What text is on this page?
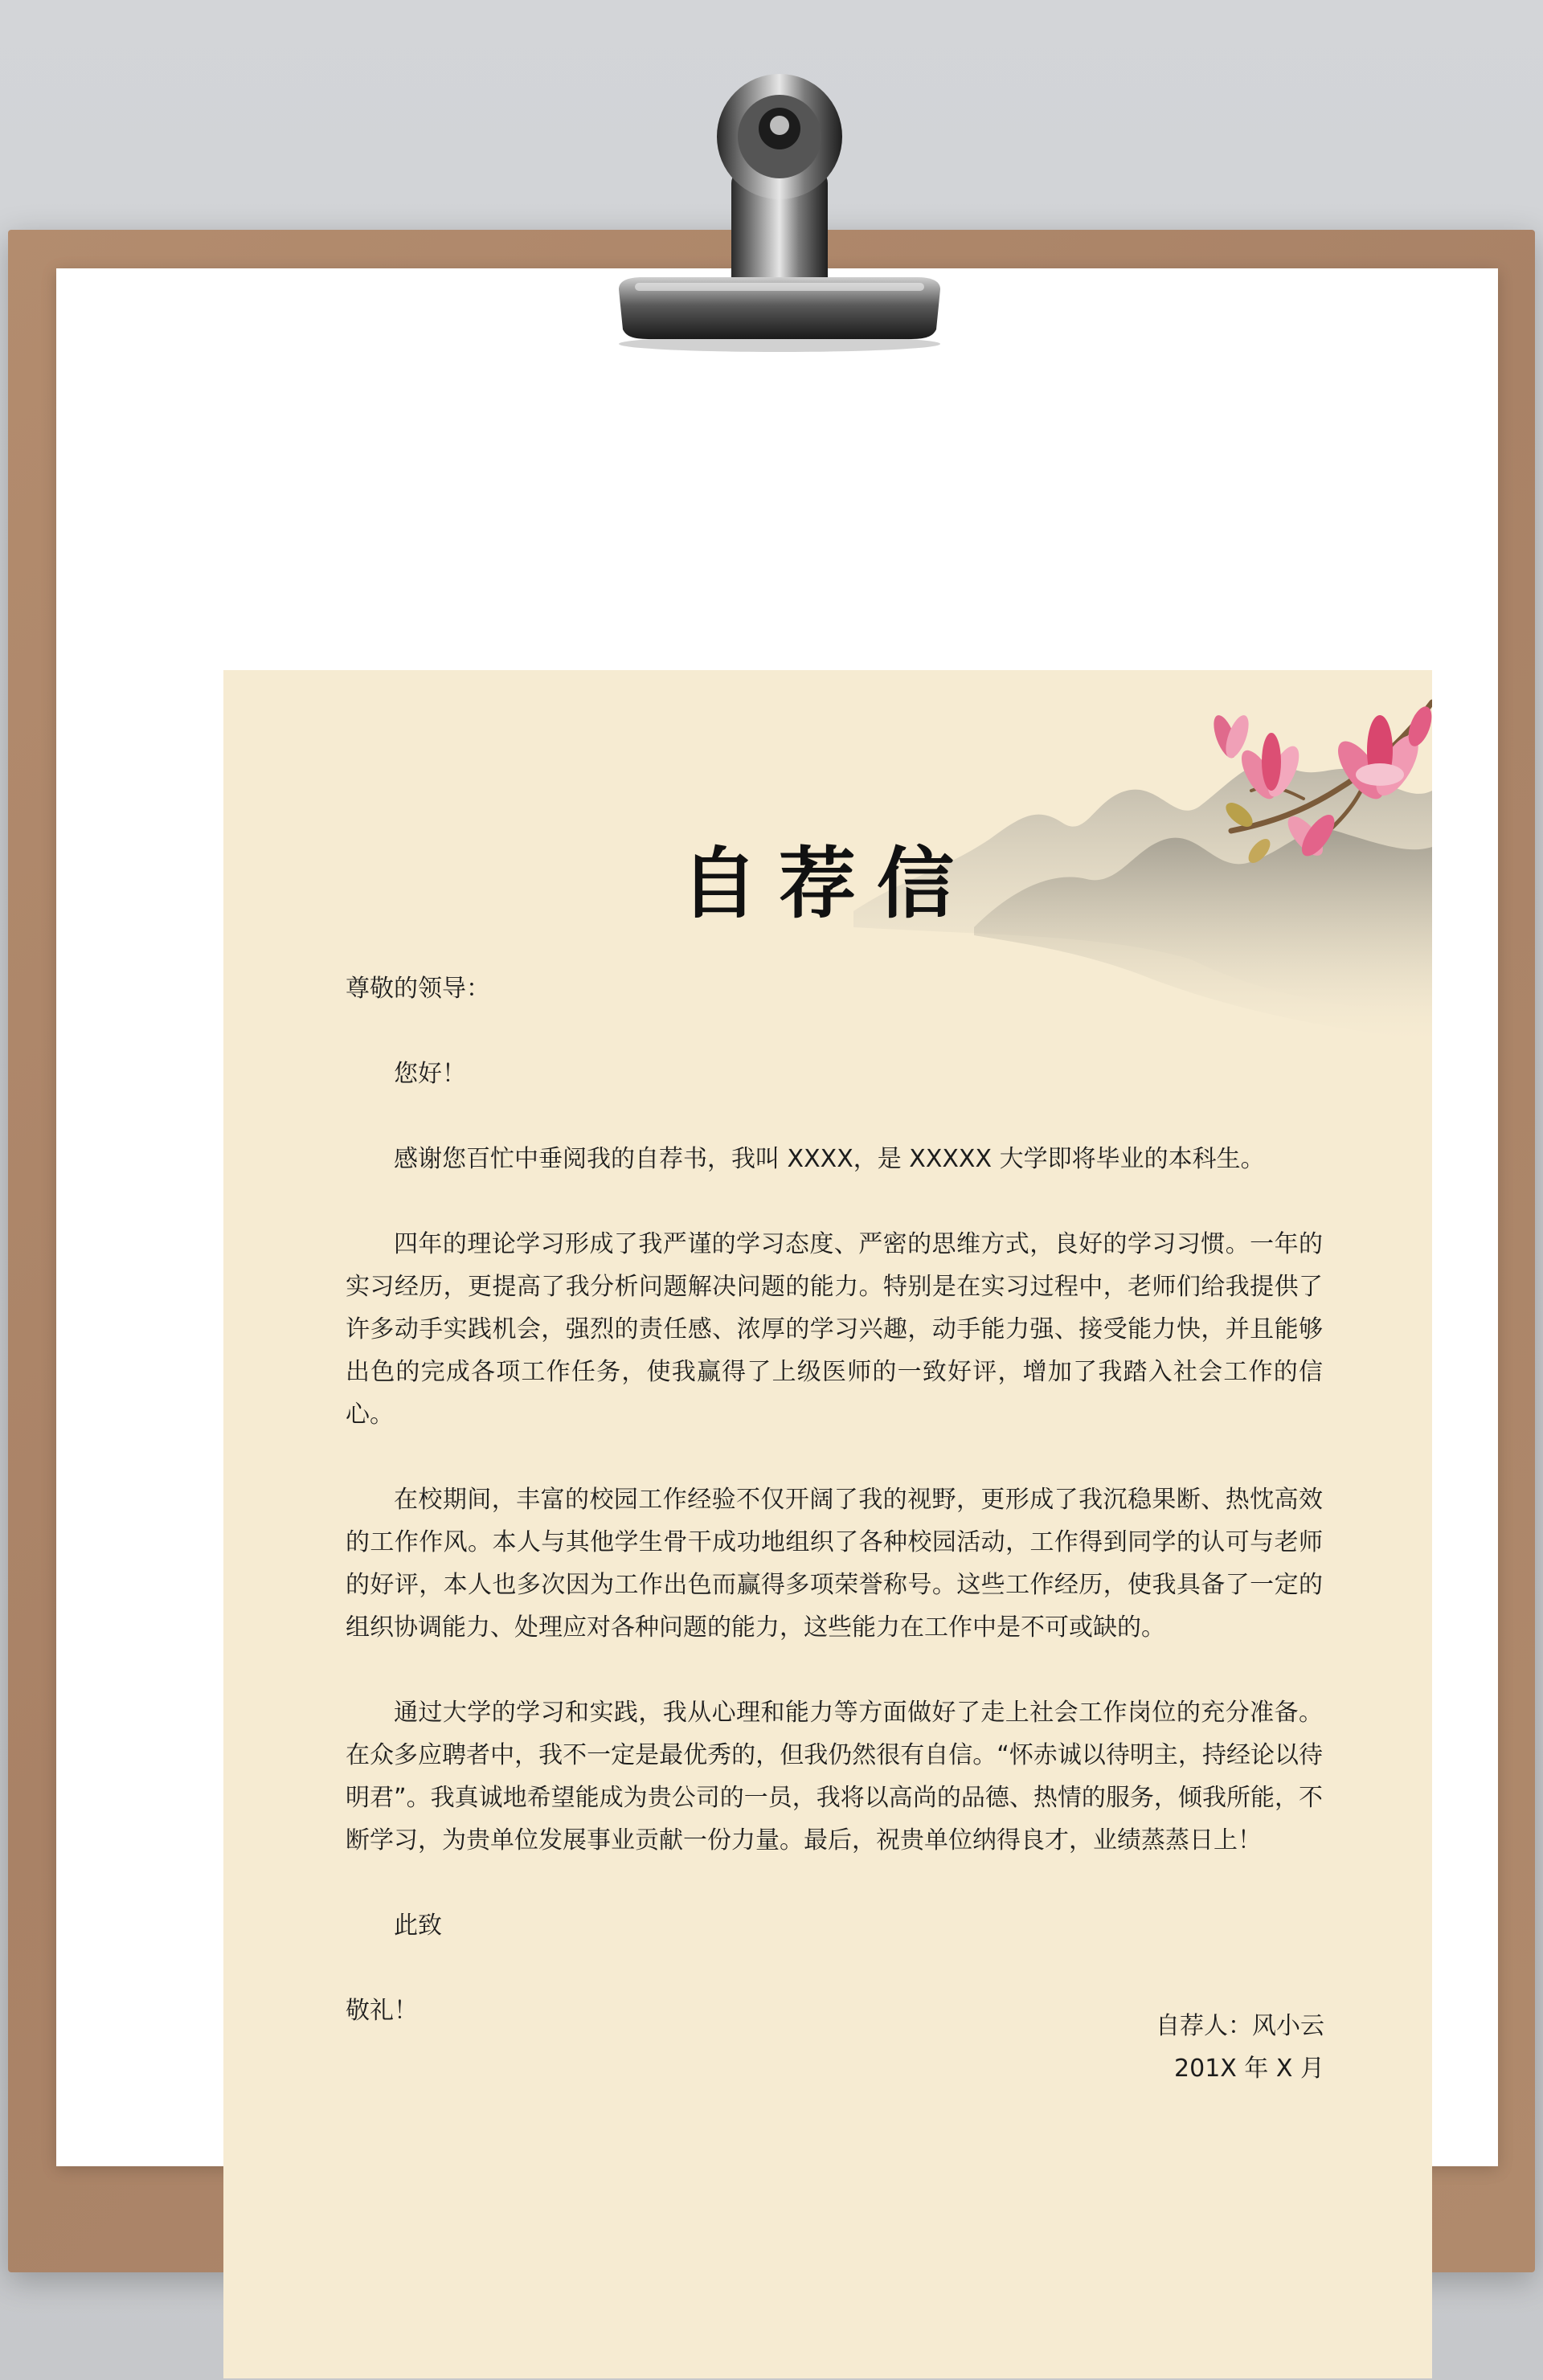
自荐信

尊敬的领导：

您好！

感谢您百忙中垂阅我的自荐书，我叫 XXXX，是 XXXXX 大学即将毕业的本科生。

四年的理论学习形成了我严谨的学习态度、严密的思维方式，良好的学习习惯。一年的实习经历，更提高了我分析问题解决问题的能力。特别是在实习过程中，老师们给我提供了许多动手实践机会，强烈的责任感、浓厚的学习兴趣，动手能力强、接受能力快，并且能够出色的完成各项工作任务，使我赢得了上级医师的一致好评，增加了我踏入社会工作的信心。

在校期间，丰富的校园工作经验不仅开阔了我的视野，更形成了我沉稳果断、热忱高效的工作作风。本人与其他学生骨干成功地组织了各种校园活动，工作得到同学的认可与老师的好评，本人也多次因为工作出色而赢得多项荣誉称号。这些工作经历，使我具备了一定的组织协调能力、处理应对各种问题的能力，这些能力在工作中是不可或缺的。

通过大学的学习和实践，我从心理和能力等方面做好了走上社会工作岗位的充分准备。在众多应聘者中，我不一定是最优秀的，但我仍然很有自信。“怀赤诚以待明主，持经论以待明君”。我真诚地希望能成为贵公司的一员，我将以高尚的品德、热情的服务，倾我所能，不断学习，为贵单位发展事业贡献一份力量。最后，祝贵单位纳得良才，业绩蒸蒸日上！

此致

敬礼！

自荐人：风小云
201X 年 X 月
